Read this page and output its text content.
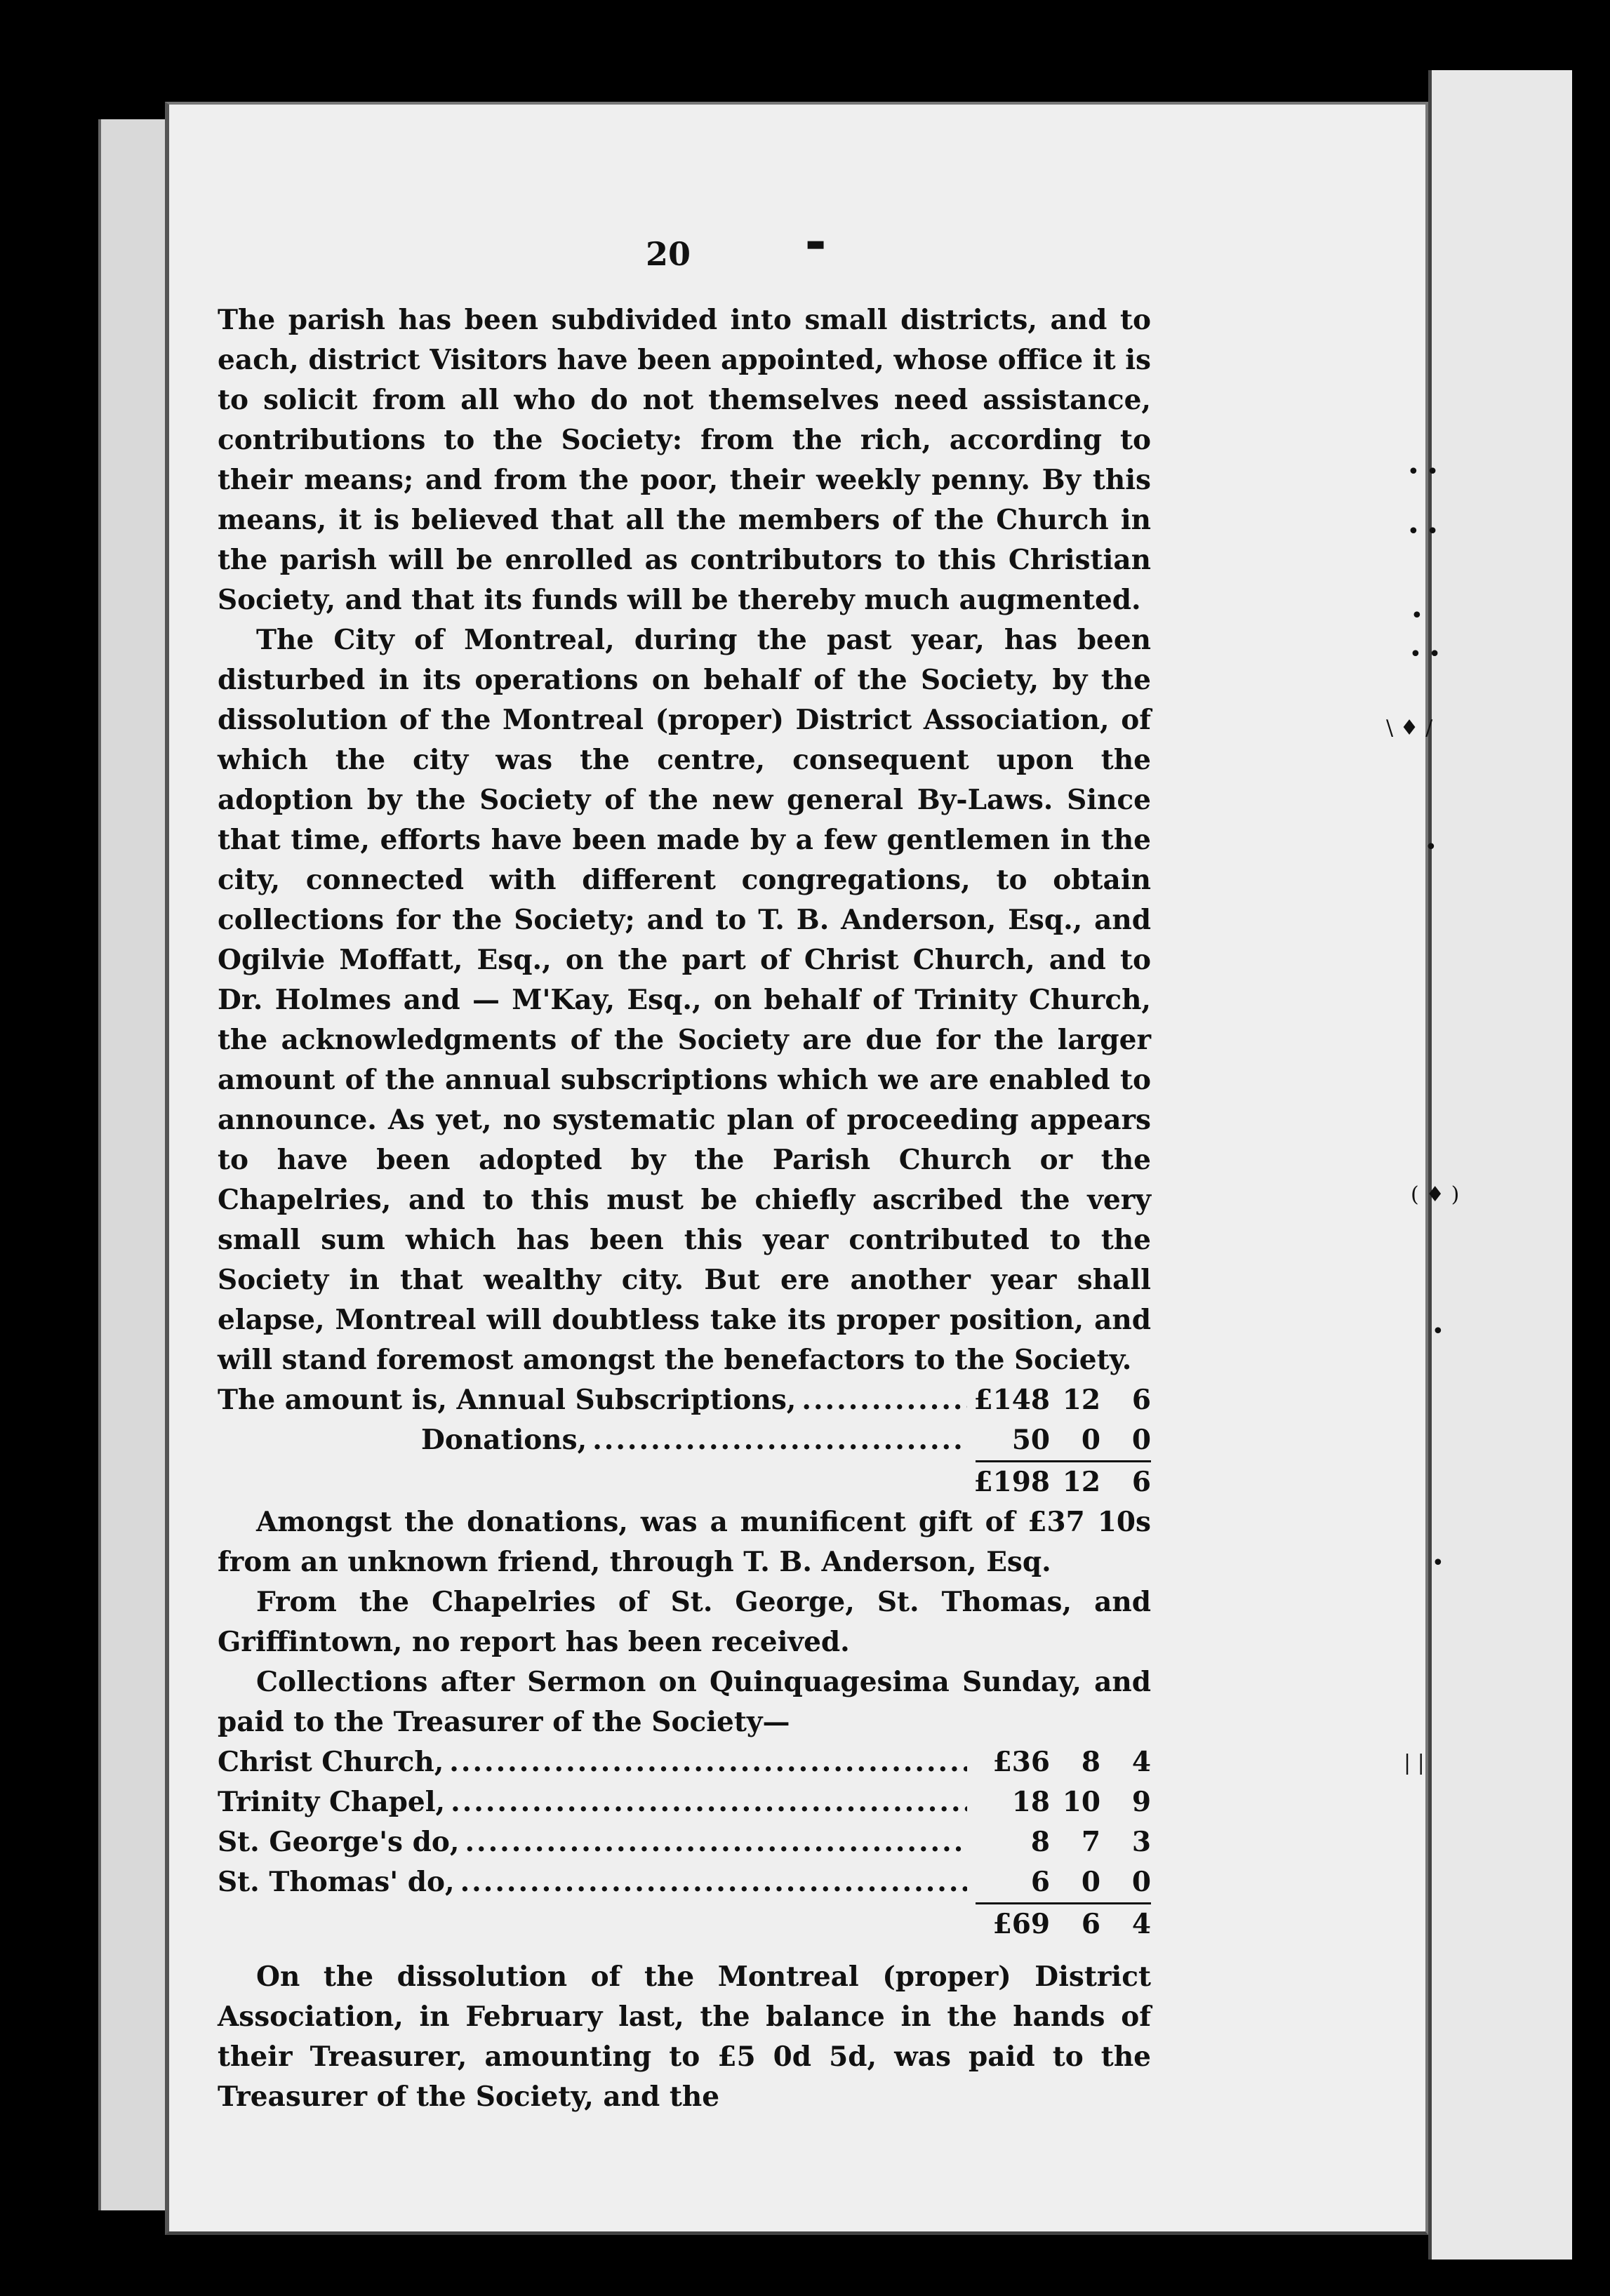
20	▬

The parish has been subdivided into small districts, and to each, district Visitors have been appointed, whose office it is to solicit from all who do not themselves need assistance, contributions to the Society: from the rich, according to their means; and from the poor, their weekly penny. By this means, it is believed that all the members of the Church in the parish will be enrolled as contributors to this Christian Society, and that its funds will be thereby much augmented.

The City of Montreal, during the past year, has been disturbed in its operations on behalf of the Society, by the dissolution of the Montreal (proper) District Association, of which the city was the centre, consequent upon the adoption by the Society of the new general By-Laws. Since that time, efforts have been made by a few gentlemen in the city, connected with different congregations, to obtain collections for the Society; and to T. B. Anderson, Esq., and Ogilvie Moffatt, Esq., on the part of Christ Church, and to Dr. Holmes and — M'Kay, Esq., on behalf of Trinity Church, the acknowledgments of the Society are due for the larger amount of the annual subscriptions which we are enabled to announce. As yet, no systematic plan of proceeding appears to have been adopted by the Parish Church or the Chapelries, and to this must be chiefly ascribed the very small sum which has been this year contributed to the Society in that wealthy city. But ere another year shall elapse, Montreal will doubtless take its proper position, and will stand foremost amongst the benefactors to the Society.

The amount is, Annual Subscriptions, .....	£148 12	6
Donations, .....	50	0	0
£198 12	6

Amongst the donations, was a munificent gift of £37 10s from an unknown friend, through T. B. Anderson, Esq.

From the Chapelries of St. George, St. Thomas, and Griffintown, no report has been received.

Collections after Sermon on Quinquagesima Sunday, and paid to the Treasurer of the Society—

Christ Church, .....	£36	8	4
Trinity Chapel, .....	18 10	9
St. George's do, .....	8	7	3
St. Thomas' do, .....	6	0	0
£69	6	4

On the dissolution of the Montreal (proper) District Association, in February last, the balance in the hands of their Treasurer, amounting to £5 0d 5d, was paid to the Treasurer of the Society, and the

• •
• •
•
• •
\ ♦ /
•
( ♦ )
•
•
| |
